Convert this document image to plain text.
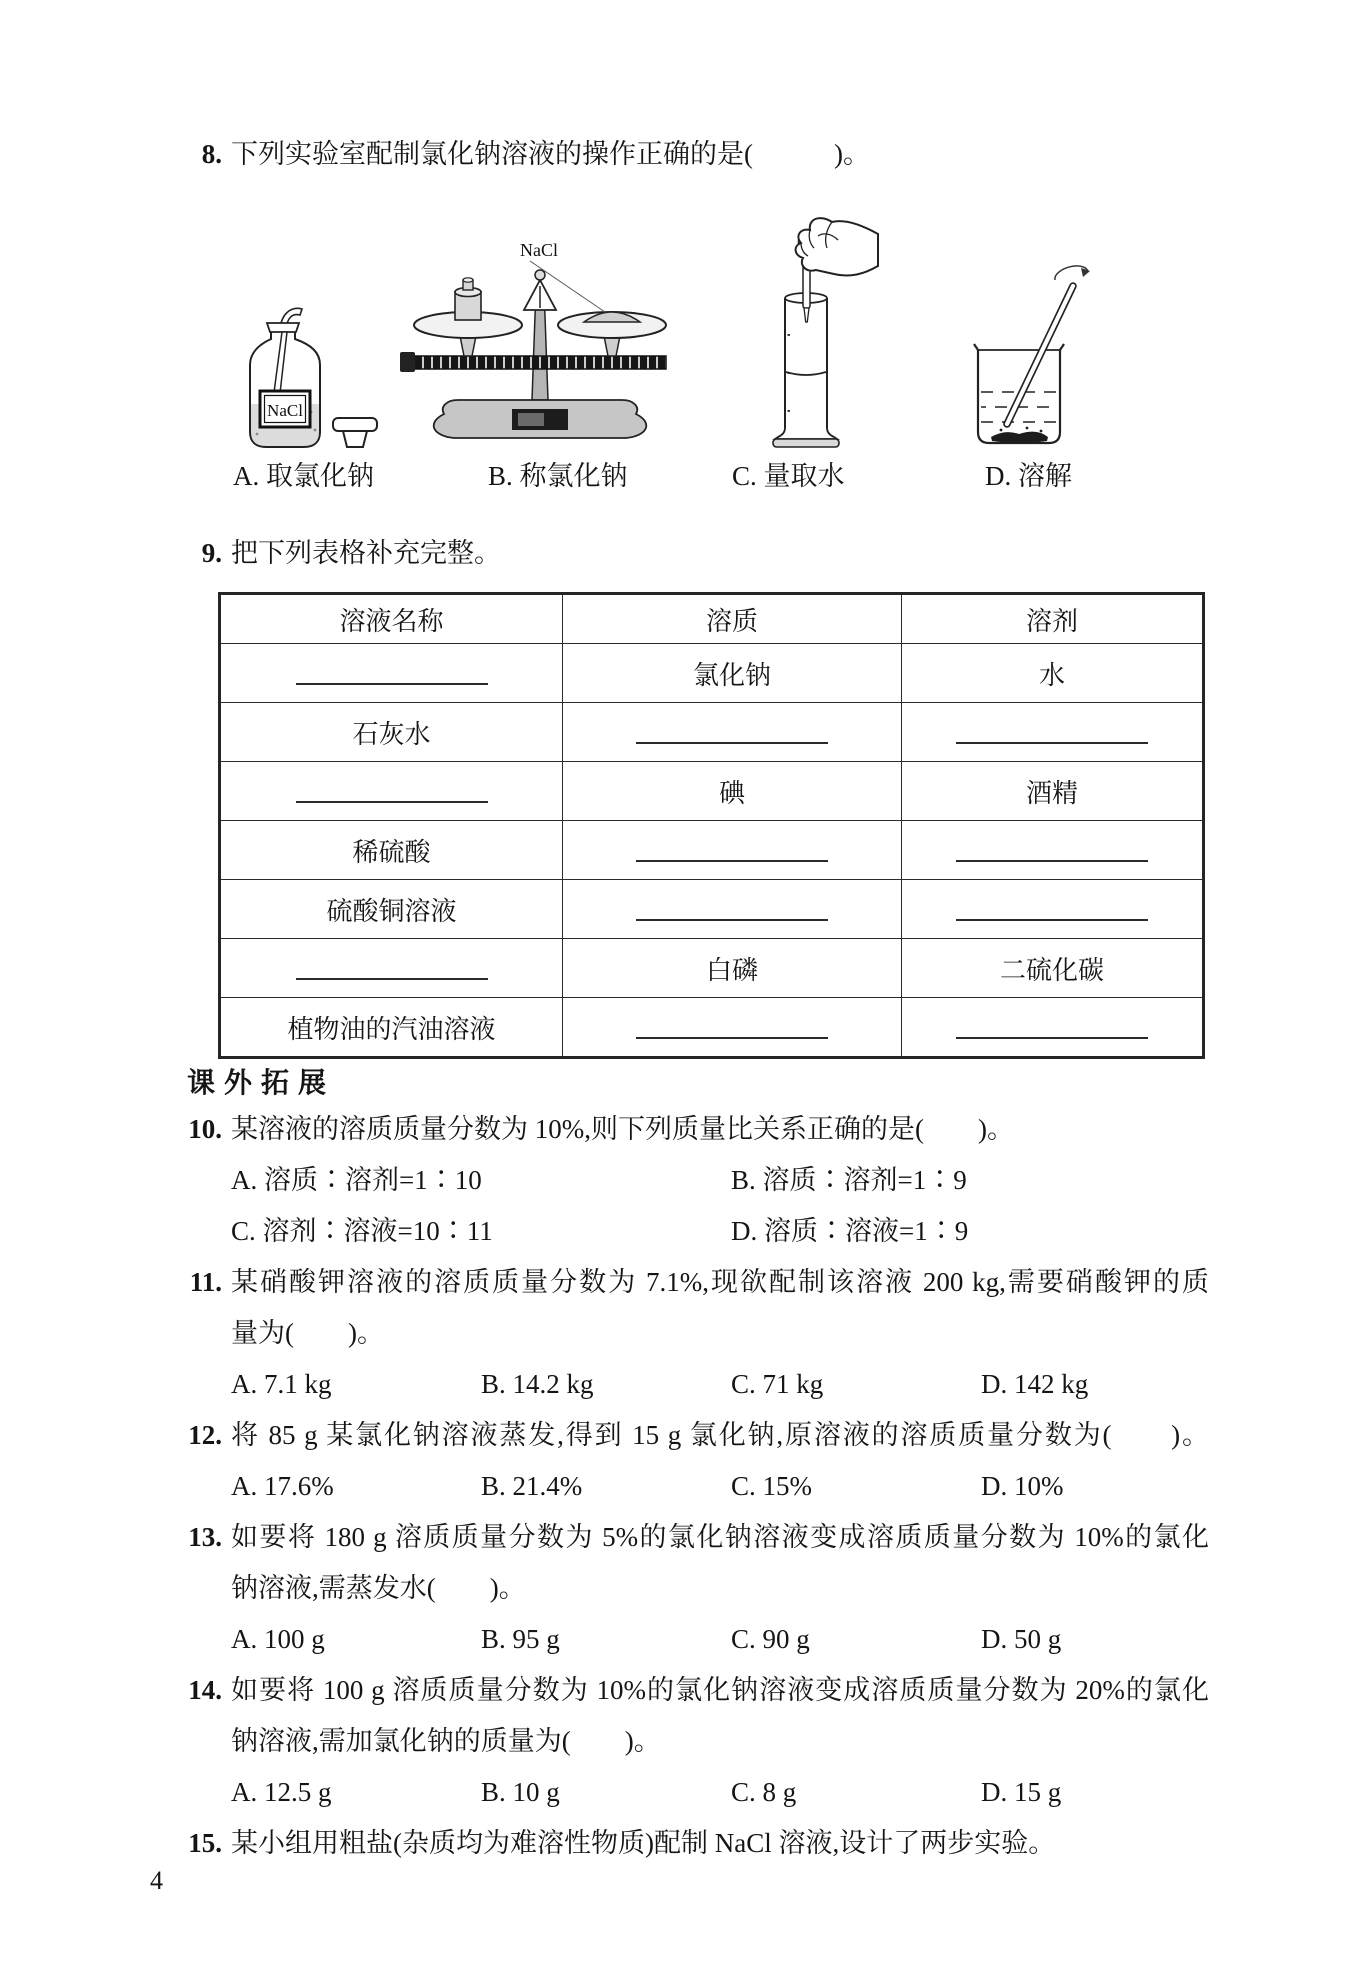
8. 下列实验室配制氯化钠溶液的操作正确的是(　　　)。
NaCl
NaCl
A. 取氯化钠	B. 称氯化钠	C. 量取水	D. 溶解
9. 把下列表格补充完整。
溶液名称	溶质	溶剂
	氯化钠	水
石灰水		
	碘	酒精
稀硫酸		
硫酸铜溶液		
	白磷	二硫化碳
植物油的汽油溶液		
课外拓展
10. 某溶液的溶质质量分数为 10%,则下列质量比关系正确的是(　　)。
A. 溶质∶溶剂=1∶10	B. 溶质∶溶剂=1∶9
C. 溶剂∶溶液=10∶11	D. 溶质∶溶液=1∶9
11. 某硝酸钾溶液的溶质质量分数为 7.1%,现欲配制该溶液 200 kg,需要硝酸钾的质
量为(　　)。
A. 7.1 kg	B. 14.2 kg	C. 71 kg	D. 142 kg
12. 将 85 g 某氯化钠溶液蒸发,得到 15 g 氯化钠,原溶液的溶质质量分数为(　　)。
A. 17.6%	B. 21.4%	C. 15%	D. 10%
13. 如要将 180 g 溶质质量分数为 5%的氯化钠溶液变成溶质质量分数为 10%的氯化
钠溶液,需蒸发水(　　)。
A. 100 g	B. 95 g	C. 90 g	D. 50 g
14. 如要将 100 g 溶质质量分数为 10%的氯化钠溶液变成溶质质量分数为 20%的氯化
钠溶液,需加氯化钠的质量为(　　)。
A. 12.5 g	B. 10 g	C. 8 g	D. 15 g
15. 某小组用粗盐(杂质均为难溶性物质)配制 NaCl 溶液,设计了两步实验。
4
